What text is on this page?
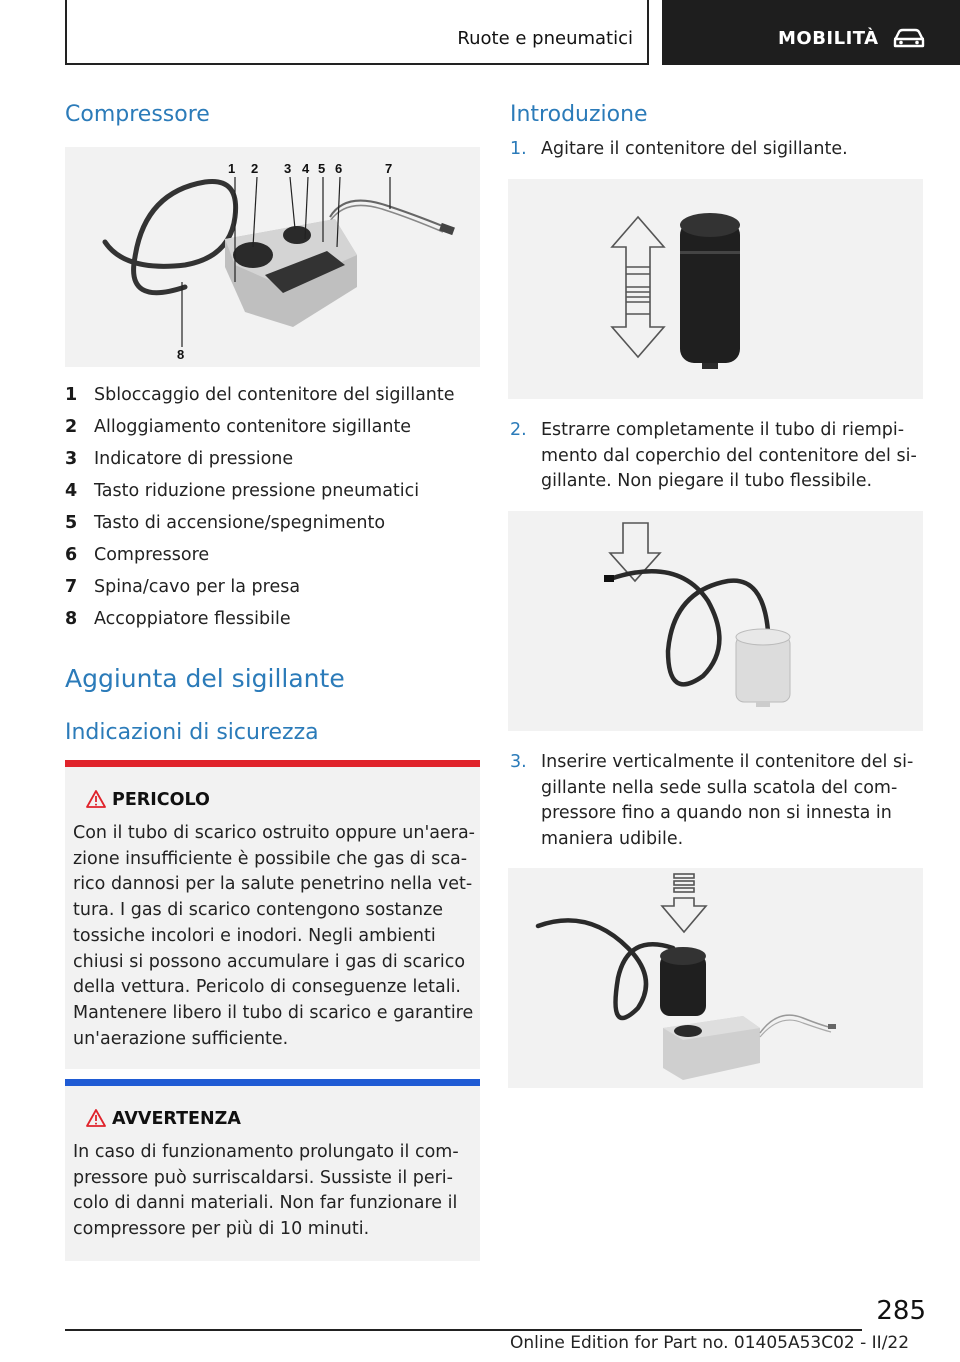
Ruote e pneumatici	MOBILITÀ
Compressore
1 2 3 4 5 6	7
8
1 Sbloccaggio del contenitore del sigillante
2 Alloggiamento contenitore sigillante
3 Indicatore di pressione
4 Tasto riduzione pressione pneumatici
5 Tasto di accensione/spegnimento
6 Compressore
7 Spina/cavo per la presa
8 Accoppiatore flessibile
Aggiunta del sigillante
Indicazioni di sicurezza
PERICOLO
Con il tubo di scarico ostruito oppure un'aera-
zione insufficiente è possibile che gas di sca-
rico dannosi per la salute penetrino nella vet-
tura. I gas di scarico contengono sostanze
tossiche incolori e inodori. Negli ambienti
chiusi si possono accumulare i gas di scarico
della vettura. Pericolo di conseguenze letali.
Mantenere libero il tubo di scarico e garantire
un'aerazione sufficiente.
AVVERTENZA
In caso di funzionamento prolungato il com-
pressore può surriscaldarsi. Sussiste il peri-
colo di danni materiali. Non far funzionare il
compressore per più di 10 minuti.
Introduzione
1. Agitare il contenitore del sigillante.
2. Estrarre completamente il tubo di riempi-
mento dal coperchio del contenitore del si-
gillante. Non piegare il tubo flessibile.
3. Inserire verticalmente il contenitore del si-
gillante nella sede sulla scatola del com-
pressore fino a quando non si innesta in
maniera udibile.
285
Online Edition for Part no. 01405A53C02 - II/22
